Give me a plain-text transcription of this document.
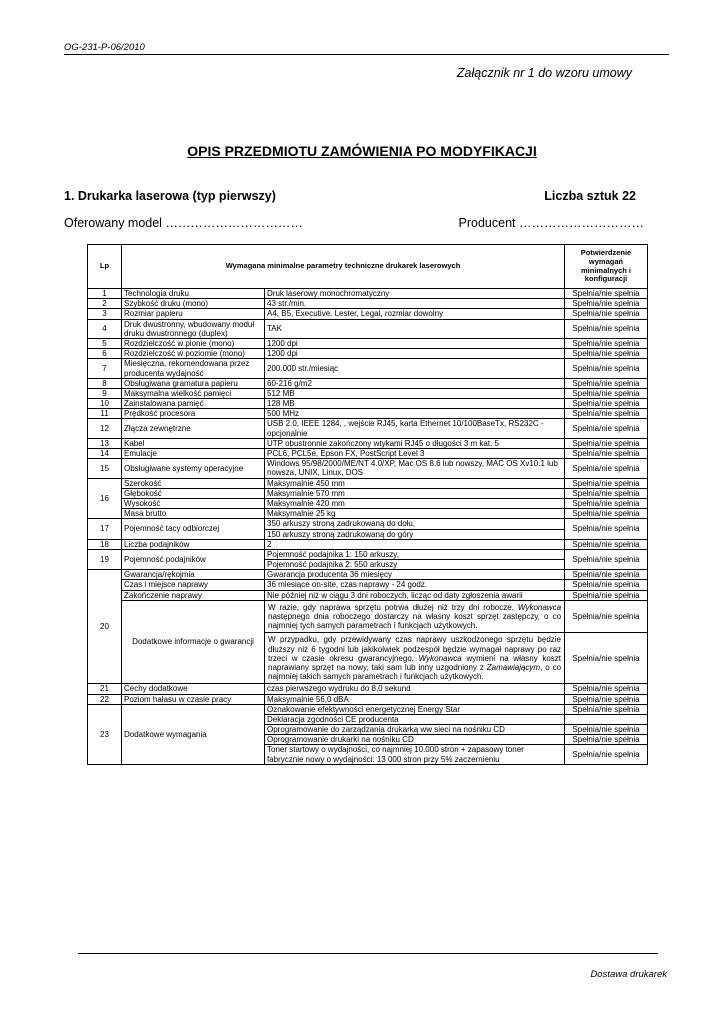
OG-231-P-06/2010
Załącznik nr 1 do wzoru umowy
OPIS PRZEDMIOTU ZAMÓWIENIA PO MODYFIKACJI
1. Drukarka laserowa (typ pierwszy)	Liczba sztuk 22
Oferowany model ……………………………	Producent …………………………
Lp	Wymagana minimalne parametry techniczne drukarek laserowych		Potwierdzenie wymagań minimalnych i konfiguracji
1	Technologia druku	Druk laserowy monochromatyczny	Spełnia/nie spełnia
2	Szybkość druku (mono)	43 str./min.	Spełnia/nie spełnia
3	Rozmiar papieru	A4, B5, Executive. Lester, Legal, rozmiar dowolny	Spełnia/nie spełnia
4	Druk dwustronny, wbudowany moduł druku dwustronnego (duplex)	TAK	Spełnia/nie spełnia
5	Rozdzielczość w pionie (mono)	1200 dpi	Spełnia/nie spełnia
6	Rozdzielczość w poziomie (mono)	1200 dpi	Spełnia/nie spełnia
7	Miesięczna, rekomendowana przez producenta wydajność	200.000 str./miesiąc	Spełnia/nie spełnia
8	Obsługiwana gramatura papieru	60-216 g/m2	Spełnia/nie spełnia
9	Maksymalna wielkość pamięci	512 MB	Spełnia/nie spełnia
10	Zainstalowana pamięć	128 MB	Spełnia/nie spełnia
11	Prędkość procesora	500 MHz	Spełnia/nie spełnia
12	Złącza zewnętrzne	USB 2.0, IEEE 1284, , wejście RJ45, karta Ethernet 10/100BaseTx, RS232C -opcjonalnie	Spełnia/nie spełnia
13	Kabel	UTP obustronnie zakończony wtykami RJ45 o długości 3 m kat. 5	Spełnia/nie spełnia
14	Emulacje	PCL6, PCL5e, Epson FX, PostScript Level 3	Spełnia/nie spełnia
15	Obsługiwane systemy operacyjne	Windows 95/98/2000/ME/NT 4.0/XP, Mac OS 8.6 lub nowszy, MAC OS Xv10.1 lub nowsza, UNIX, Linux, DOS	Spełnia/nie spełnia
16	Szerokość	Maksymalnie 450 mm	Spełnia/nie spełnia
	Głębokość	Maksymalnie 570 mm	Spełnia/nie spełnia
	Wysokość	Maksymalnie 420 mm	Spełnia/nie spełnia
	Masa brutto	Maksymalnie 25 kg	Spełnia/nie spełnia
17	Pojemność tacy odbiorczej	350 arkuszy stroną zadrukowaną do dołu,	Spełnia/nie spełnia
		150 arkuszy stroną zadrukowaną do góry	
18	Liczba podajników	2	Spełnia/nie spełnia
19	Pojemność podajników	Pojemność podajnika 1: 150 arkuszy,	Spełnia/nie spełnia
		Pojemność podajnika 2: 550 arkuszy	
20	Gwarancja/rękojmia	Gwarancja producenta 36 miesięcy	Spełnia/nie spełnia
	Czas i miejsce naprawy	36 miesiące on-site, czas naprawy - 24 godz.	Spełnia/nie spełnia
	Zakończenie naprawy	Nie później niż w ciągu 3 dni roboczych, licząc od daty zgłoszenia awarii	Spełnia/nie spełnia
	Dodatkowe informacje o gwarancji	W razie, gdy naprawa sprzętu potrwa dłużej niż trzy dni robocze, Wykonawca następnego dnia roboczego dostarczy na własny koszt sprzęt zastępczy, o co najmniej tych samych parametrach i funkcjach użytkowych.	Spełnia/nie spełnia
		W przypadku, gdy przewidywany czas naprawy uszkodzonego sprzętu będzie dłuższy niż 6 tygodni lub jakikolwiek podzespół będzie wymagał naprawy po raz trzeci w czasie okresu gwarancyjnego, Wykonawca wymieni na własny koszt naprawiany sprzęt na nowy, taki sam lub inny uzgodniony z Zamawiającym, o co najmniej takich samych parametrach i funkcjach użytkowych.	Spełnia/nie spełnia
21	Cechy dodatkowe	czas pierwszego wydruku do 8,0 sekund	Spełnia/nie spełnia
22	Poziom hałasu w czasie pracy	Maksymalnie 56,0 dBA	Spełnia/nie spełnia
23	Dodatkowe wymagania	Oznakowanie efektywności energetycznej Energy Star	Spełnia/nie spełnia
		Deklaracja zgodności CE producenta	
		Oprogramowanie do zarządzania drukarką ww sieci na nośniku CD	Spełnia/nie spełnia
		Oprogramowanie drukarki na nośniku CD	Spełnia/nie spełnia
		Toner startowy o wydajności, co najmniej 10.000 stron + zapasowy toner fabrycznie nowy o wydajności: 13 000 stron przy 5% zaczernieniu	Spełnia/nie spełnia
Dostawa drukarek
